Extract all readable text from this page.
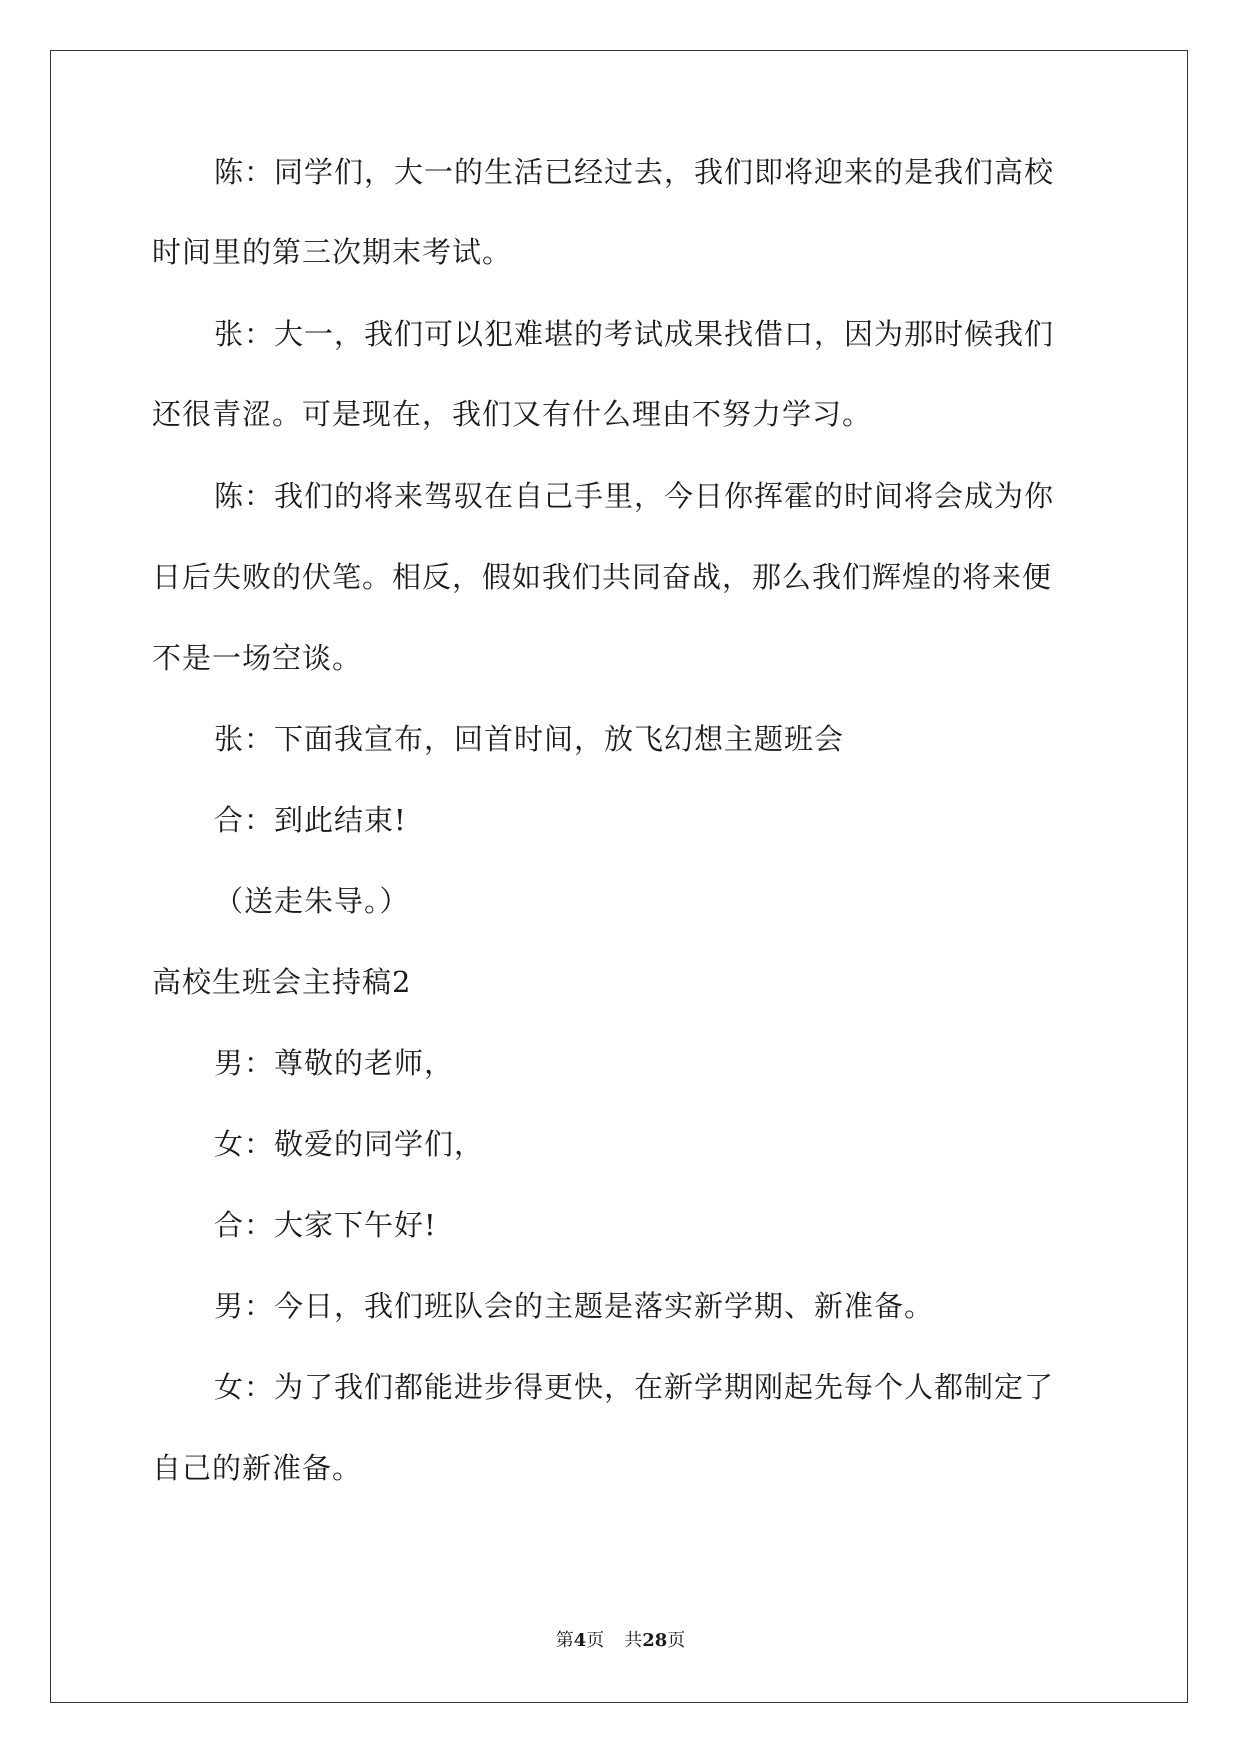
陈：同学们，大一的生活已经过去，我们即将迎来的是我们高校
时间里的第三次期末考试。
张：大一，我们可以犯难堪的考试成果找借口，因为那时候我们
还很青涩。可是现在，我们又有什么理由不努力学习。
陈：我们的将来驾驭在自己手里，今日你挥霍的时间将会成为你
日后失败的伏笔。相反，假如我们共同奋战，那么我们辉煌的将来便
不是一场空谈。
张：下面我宣布，回首时间，放飞幻想主题班会
合：到此结束!
（送走朱导。）
高校生班会主持稿2
男：尊敬的老师，
女：敬爱的同学们，
合：大家下午好!
男：今日，我们班队会的主题是落实新学期、新准备。
女：为了我们都能进步得更快，在新学期刚起先每个人都制定了
自己的新准备。
第4页 共28页
